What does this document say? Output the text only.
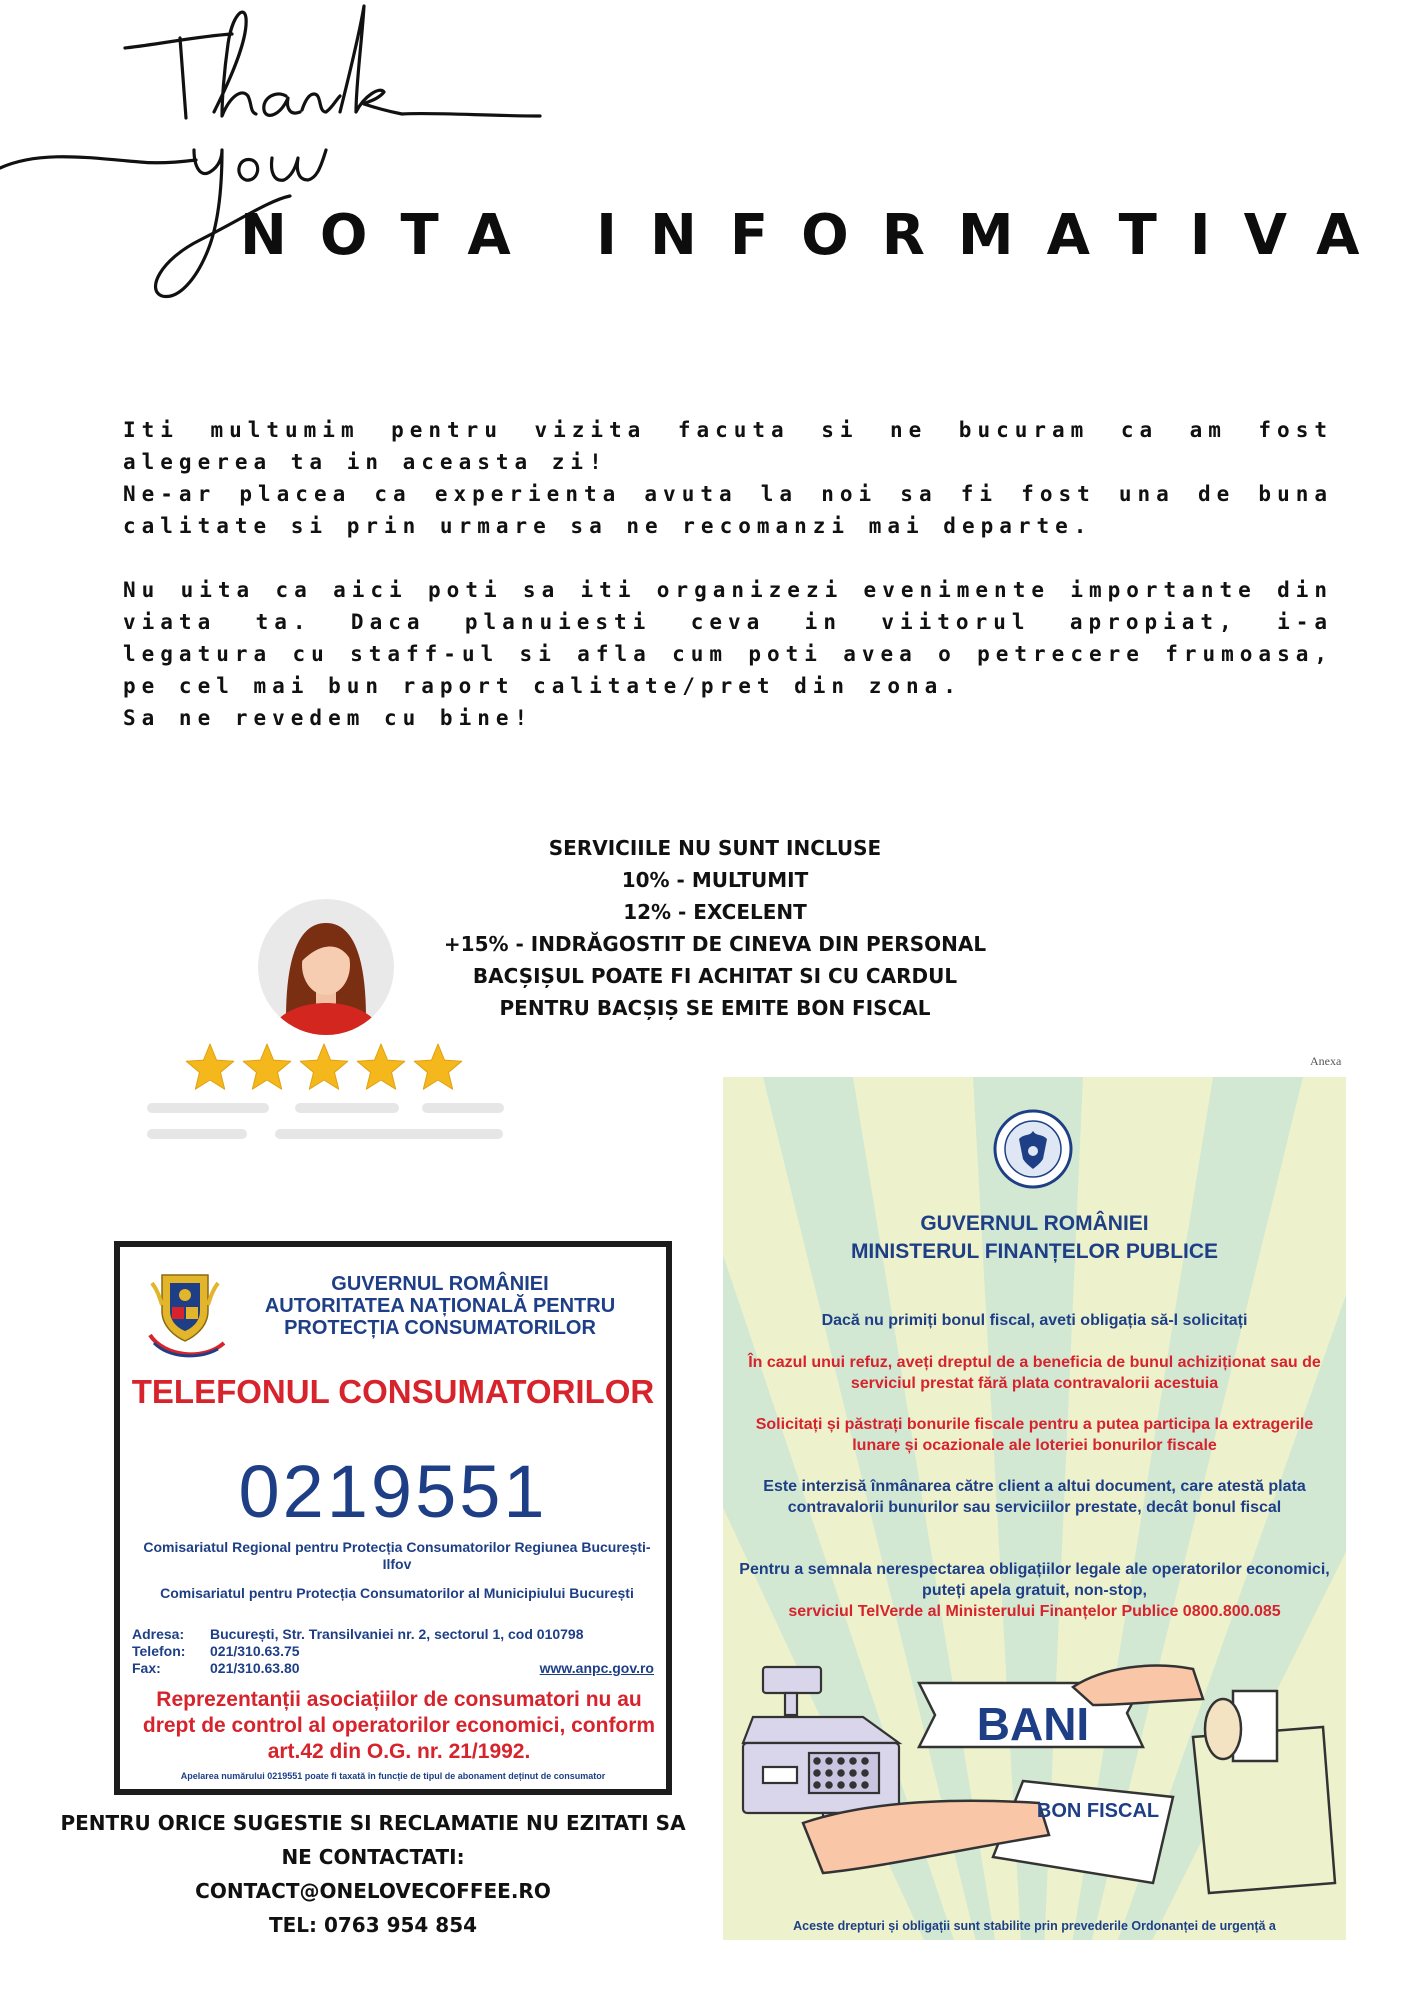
NOTA INFORMATIVA

Iti multumim pentru vizita facuta si ne bucuram ca am fost alegerea ta in aceasta zi!

Ne-ar placea ca experienta avuta la noi sa fi fost una de buna calitate si prin urmare sa ne recomanzi mai departe.

Nu uita ca aici poti sa iti organizezi evenimente importante din viata ta. Daca planuiesti ceva in viitorul apropiat, i-a legatura cu staff-ul si afla cum poti avea o petrecere frumoasa, pe cel mai bun raport calitate/pret din zona.

Sa ne revedem cu bine!

SERVICIILE NU SUNT INCLUSE
10% - MULTUMIT
12% - EXCELENT
+15% - INDRĂGOSTIT DE CINEVA DIN PERSONAL
BACȘIȘUL POATE FI ACHITAT SI CU CARDUL
PENTRU BACȘIȘ SE EMITE BON FISCAL
GUVERNUL ROMÂNIEI
AUTORITATEA NAȚIONALĂ PENTRU PROTECȚIA CONSUMATORILOR
TELEFONUL CONSUMATORILOR
0219551
Comisariatul Regional pentru Protecția Consumatorilor Regiunea București-Ilfov
Comisariatul pentru Protecția Consumatorilor al Municipiului București
Adresa:	București, Str. Transilvaniei nr. 2, sectorul 1, cod 010798
Telefon:	021/310.63.75
Fax:	021/310.63.80	www.anpc.gov.ro
Reprezentanții asociațiilor de consumatori nu au drept de control al operatorilor economici, conform art.42 din O.G. nr. 21/1992.
Apelarea numărului 0219551 poate fi taxată în funcție de tipul de abonament deținut de consumator
PENTRU ORICE SUGESTIE SI RECLAMATIE NU EZITATI SA NE CONTACTATI:
CONTACT@ONELOVECOFFEE.RO
TEL: 0763 954 854
Anexa
GUVERNUL ROMÂNIEI
MINISTERUL FINANȚELOR PUBLICE
Dacă nu primiți bonul fiscal, aveti obligația să-l solicitați
În cazul unui refuz, aveți dreptul de a beneficia de bunul achiziționat sau de serviciul prestat fără plata contravalorii acestuia
Solicitați și păstrați bonurile fiscale pentru a putea participa la extragerile lunare și ocazionale ale loteriei bonurilor fiscale
Este interzisă înmânarea către client a altui document, care atestă plata contravalorii bunurilor sau serviciilor prestate, decât bonul fiscal
Pentru a semnala nerespectarea obligațiilor legale ale operatorilor economici, puteți apela gratuit, non-stop,
serviciul TelVerde al Ministerului Finanțelor Publice 0800.800.085
BANI
BON FISCAL
Aceste drepturi și obligații sunt stabilite prin prevederile Ordonanței de urgență a
